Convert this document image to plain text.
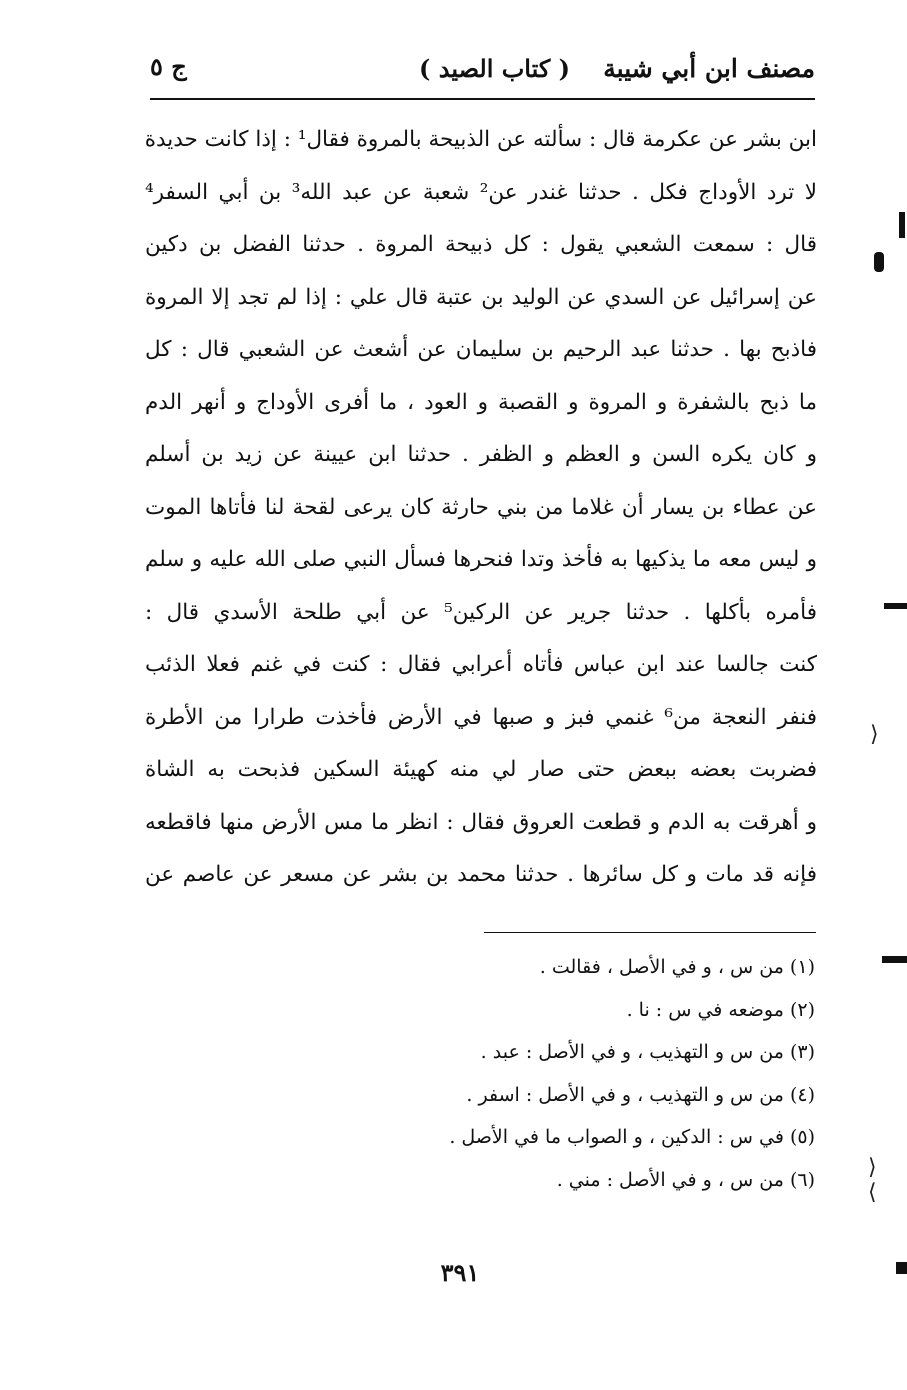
مصنف ابن أبي شيبة
( كتاب الصيد )
ج ٥
ابن بشر عن عكرمة قال : سألته عن الذبيحة بالمروة فقال¹ : إذا كانت حديدة
لا ترد الأوداج فكل . حدثنا غندر عن² شعبة عن عبد الله³ بن أبي السفر⁴
قال : سمعت الشعبي يقول : كل ذبيحة المروة . حدثنا الفضل بن دكين
عن إسرائيل عن السدي عن الوليد بن عتبة قال علي : إذا لم تجد إلا المروة
فاذبح بها . حدثنا عبد الرحيم بن سليمان عن أشعث عن الشعبي قال : كل
ما ذبح بالشفرة و المروة و القصبة و العود ، ما أفرى الأوداج و أنهر الدم
و كان يكره السن و العظم و الظفر . حدثنا ابن عيينة عن زيد بن أسلم
عن عطاء بن يسار أن غلاما من بني حارثة كان يرعى لقحة لنا فأتاها الموت
و ليس معه ما يذكيها به فأخذ وتدا فنحرها فسأل النبي صلى الله عليه و سلم
فأمره بأكلها . حدثنا جرير عن الركين⁵ عن أبي طلحة الأسدي قال :
كنت جالسا عند ابن عباس فأتاه أعرابي فقال : كنت في غنم فعلا الذئب
فنفر النعجة من⁶ غنمي فبز و صبها في الأرض فأخذت طرارا من الأطرة
فضربت بعضه ببعض حتى صار لي منه كهيئة السكين فذبحت به الشاة
و أهرقت به الدم و قطعت العروق فقال : انظر ما مس الأرض منها فاقطعه
فإنه قد مات و كل سائرها . حدثنا محمد بن بشر عن مسعر عن عاصم عن
(١) من س ، و في الأصل ، فقالت .
(٢) موضعه في س : نا .
(٣) من س و التهذيب ، و في الأصل : عبد .
(٤) من س و التهذيب ، و في الأصل : اسفر .
(٥) في س : الدكين ، و الصواب ما في الأصل .
(٦) من س ، و في الأصل : مني .
٣٩١
⟩
⟩
⟨
